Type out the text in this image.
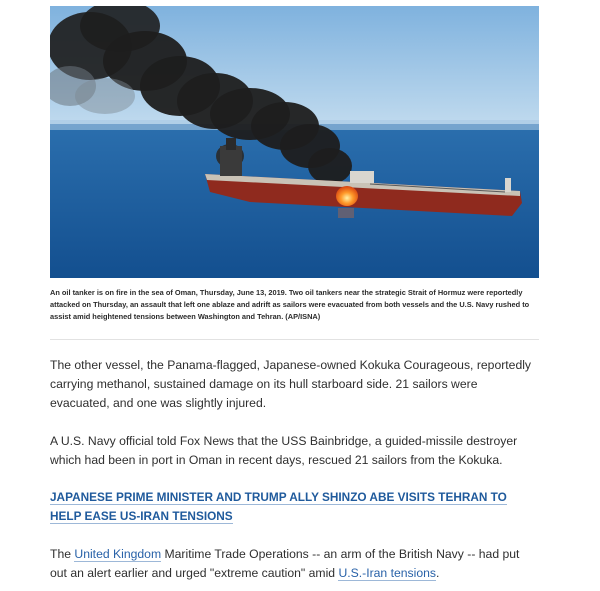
An oil tanker is on fire in the sea of Oman, Thursday, June 13, 2019. Two oil tankers near the strategic Strait of Hormuz were reportedly attacked on Thursday, an assault that left one ablaze and adrift as sailors were evacuated from both vessels and the U.S. Navy rushed to assist amid heightened tensions between Washington and Tehran. (AP/ISNA)

The other vessel, the Panama-flagged, Japanese-owned Kokuka Courageous, reportedly carrying methanol, sustained damage on its hull starboard side. 21 sailors were evacuated, and one was slightly injured.

A U.S. Navy official told Fox News that the USS Bainbridge, a guided-missile destroyer which had been in port in Oman in recent days, rescued 21 sailors from the Kokuka.

JAPANESE PRIME MINISTER AND TRUMP ALLY SHINZO ABE VISITS TEHRAN TO HELP EASE US-IRAN TENSIONS

The United Kingdom Maritime Trade Operations -- an arm of the British Navy -- had put out an alert earlier and urged "extreme caution" amid U.S.-Iran tensions.
